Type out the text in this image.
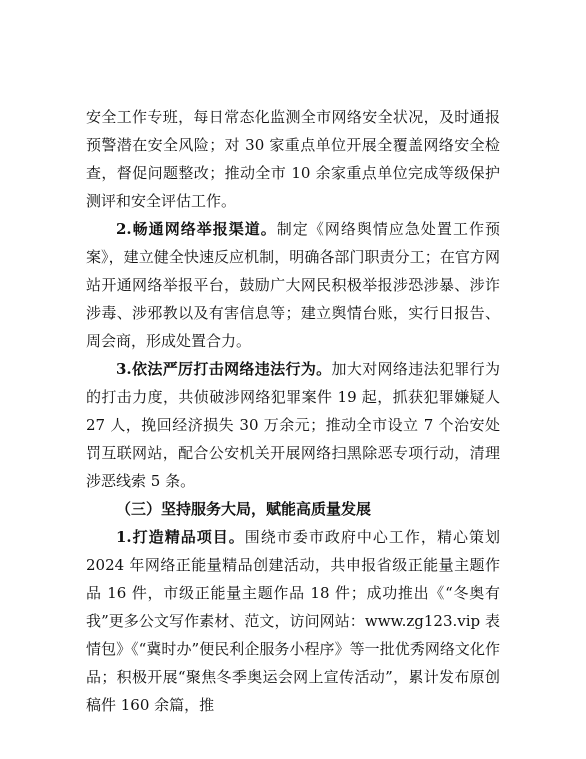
安全工作专班，每日常态化监测全市网络安全状况，及时通报预警潜在安全风险；对 30 家重点单位开展全覆盖网络安全检查，督促问题整改；推动全市 10 余家重点单位完成等级保护测评和安全评估工作。

2.畅通网络举报渠道。制定《网络舆情应急处置工作预案》，建立健全快速反应机制，明确各部门职责分工；在官方网站开通网络举报平台，鼓励广大网民积极举报涉恐涉暴、涉诈涉毒、涉邪教以及有害信息等；建立舆情台账，实行日报告、周会商，形成处置合力。

3.依法严厉打击网络违法行为。加大对网络违法犯罪行为的打击力度，共侦破涉网络犯罪案件 19 起，抓获犯罪嫌疑人 27 人，挽回经济损失 30 万余元；推动全市设立 7 个治安处罚互联网站，配合公安机关开展网络扫黑除恶专项行动，清理涉恶线索 5 条。

（三）坚持服务大局，赋能高质量发展

1.打造精品项目。围绕市委市政府中心工作，精心策划 2024 年网络正能量精品创建活动，共申报省级正能量主题作品 16 件，市级正能量主题作品 18 件；成功推出《“冬奥有我”更多公文写作素材、范文，访问网站：www.zg123.vip 表情包》《“冀时办”便民利企服务小程序》等一批优秀网络文化作品；积极开展“聚焦冬季奥运会网上宣传活动”，累计发布原创稿件 160 余篇，推
